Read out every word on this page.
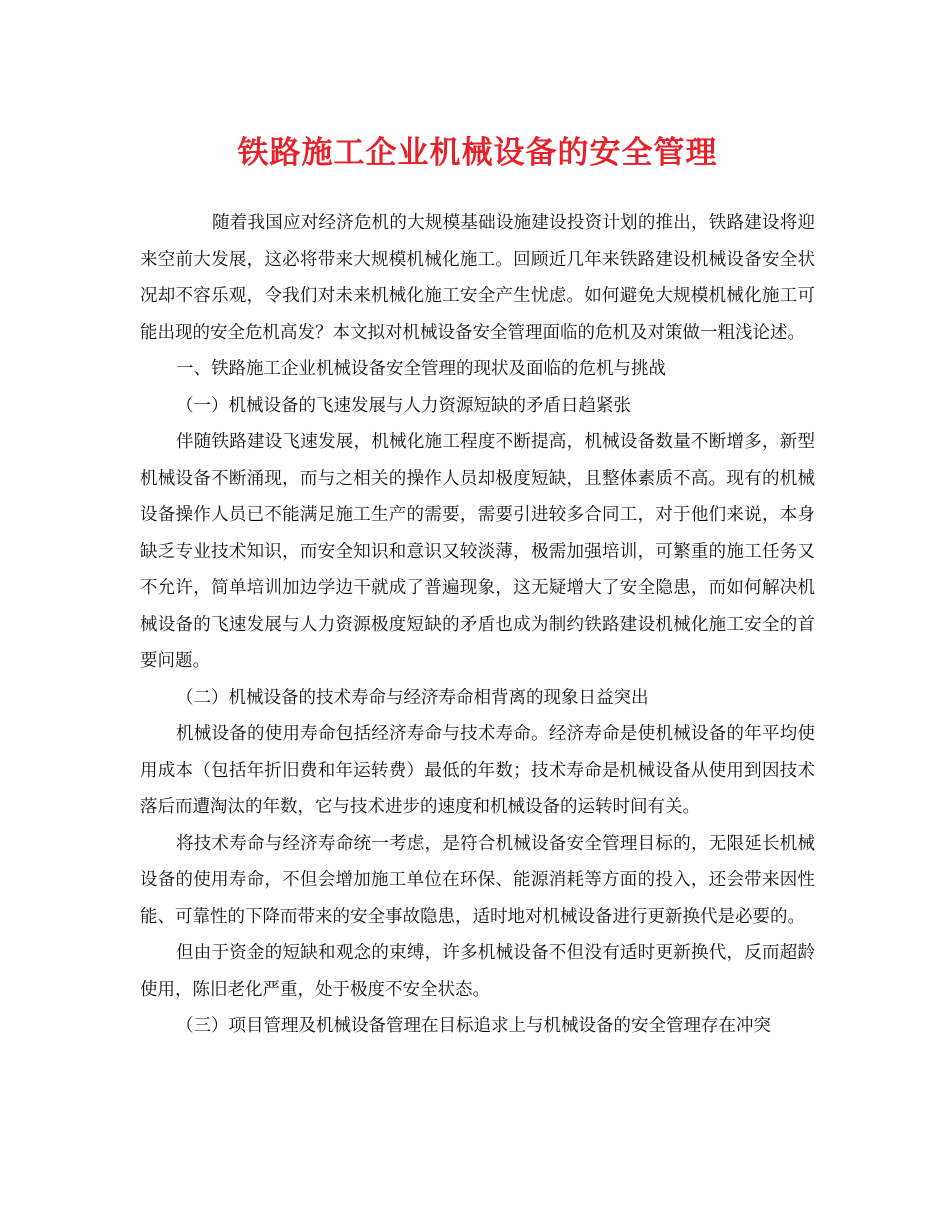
铁路施工企业机械设备的安全管理

随着我国应对经济危机的大规模基础设施建设投资计划的推出，铁路建设将迎来空前大发展，这必将带来大规模机械化施工。回顾近几年来铁路建设机械设备安全状况却不容乐观，令我们对未来机械化施工安全产生忧虑。如何避免大规模机械化施工可能出现的安全危机高发？本文拟对机械设备安全管理面临的危机及对策做一粗浅论述。

一、铁路施工企业机械设备安全管理的现状及面临的危机与挑战

（一）机械设备的飞速发展与人力资源短缺的矛盾日趋紧张

伴随铁路建设飞速发展，机械化施工程度不断提高，机械设备数量不断增多，新型机械设备不断涌现，而与之相关的操作人员却极度短缺，且整体素质不高。现有的机械设备操作人员已不能满足施工生产的需要，需要引进较多合同工，对于他们来说，本身缺乏专业技术知识，而安全知识和意识又较淡薄，极需加强培训，可繁重的施工任务又不允许，简单培训加边学边干就成了普遍现象，这无疑增大了安全隐患，而如何解决机械设备的飞速发展与人力资源极度短缺的矛盾也成为制约铁路建设机械化施工安全的首要问题。

（二）机械设备的技术寿命与经济寿命相背离的现象日益突出

机械设备的使用寿命包括经济寿命与技术寿命。经济寿命是使机械设备的年平均使用成本（包括年折旧费和年运转费）最低的年数；技术寿命是机械设备从使用到因技术落后而遭淘汰的年数，它与技术进步的速度和机械设备的运转时间有关。

将技术寿命与经济寿命统一考虑，是符合机械设备安全管理目标的，无限延长机械设备的使用寿命，不但会增加施工单位在环保、能源消耗等方面的投入，还会带来因性能、可靠性的下降而带来的安全事故隐患，适时地对机械设备进行更新换代是必要的。

但由于资金的短缺和观念的束缚，许多机械设备不但没有适时更新换代，反而超龄使用，陈旧老化严重，处于极度不安全状态。

（三）项目管理及机械设备管理在目标追求上与机械设备的安全管理存在冲突
